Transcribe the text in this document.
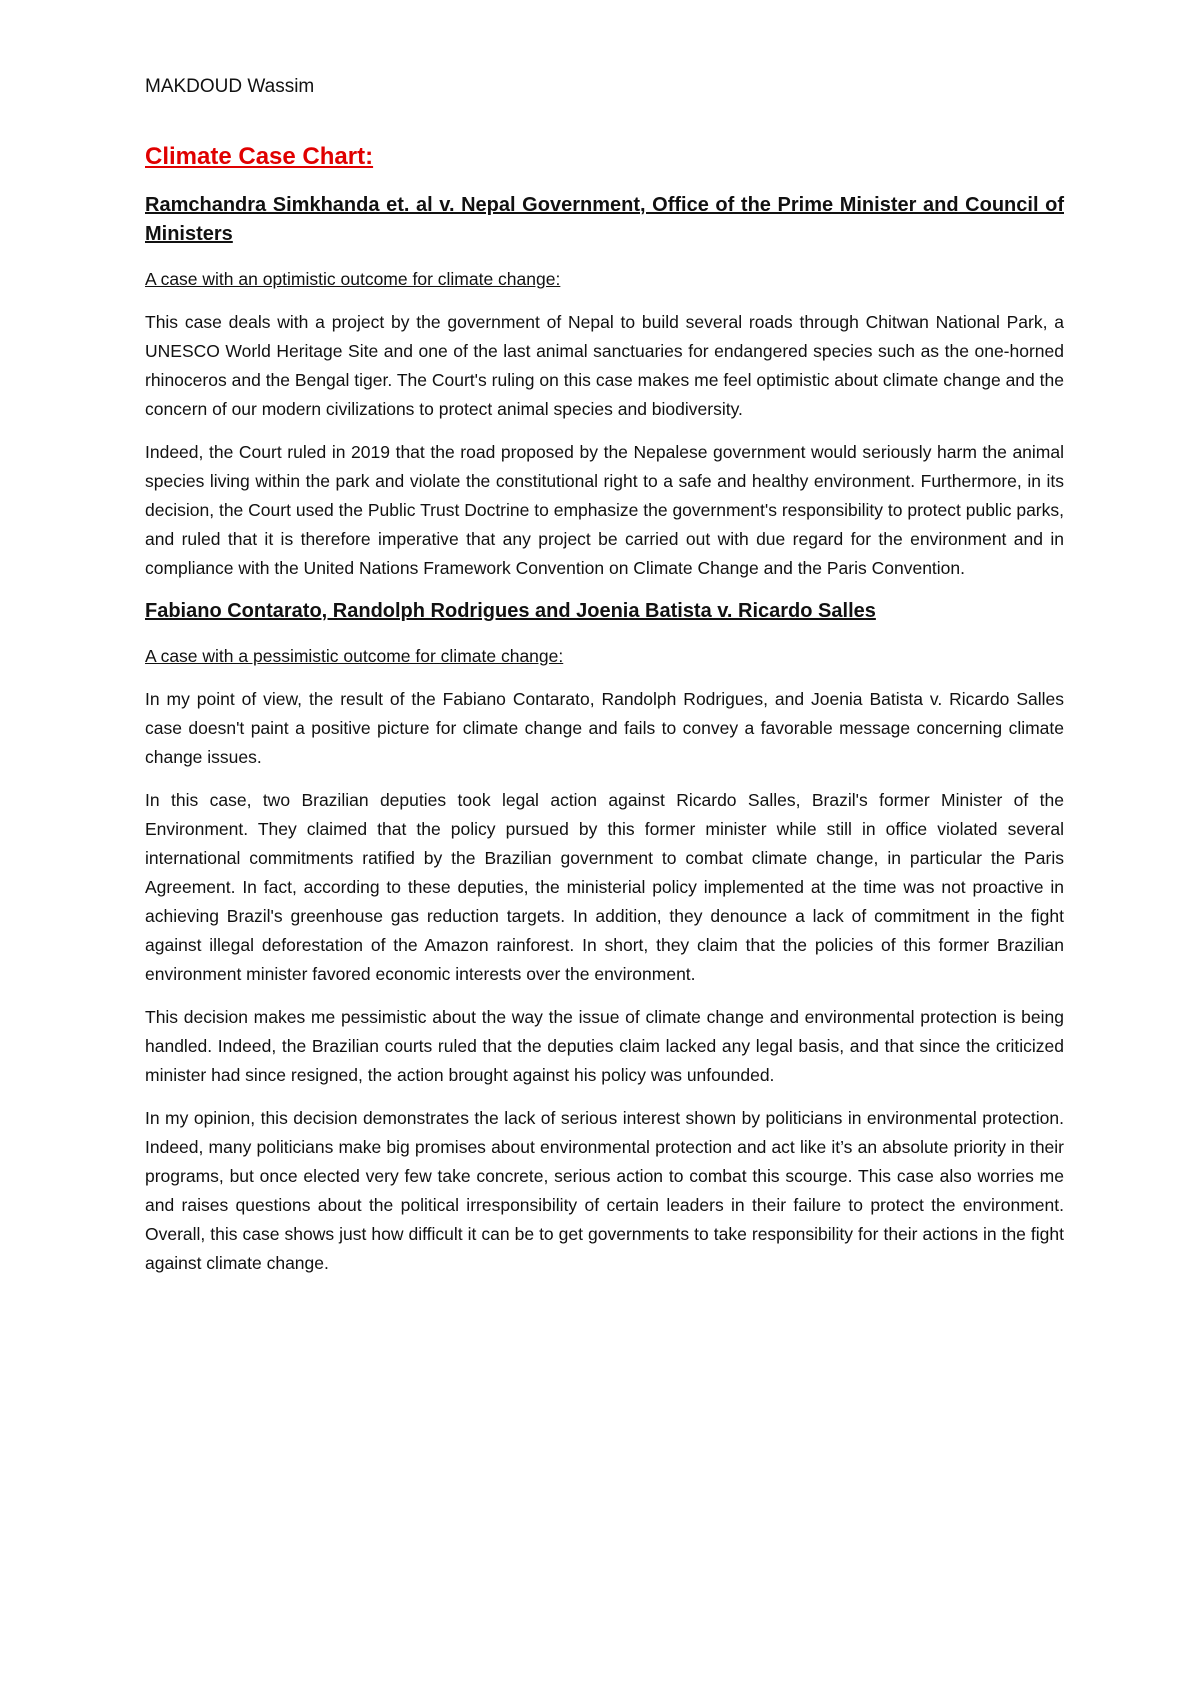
MAKDOUD Wassim
Climate Case Chart:
Ramchandra Simkhanda et. al v. Nepal Government, Office of the Prime Minister and Council of Ministers
A case with an optimistic outcome for climate change:

This case deals with a project by the government of Nepal to build several roads through Chitwan National Park, a UNESCO World Heritage Site and one of the last animal sanctuaries for endangered species such as the one-horned rhinoceros and the Bengal tiger. The Court's ruling on this case makes me feel optimistic about climate change and the concern of our modern civilizations to protect animal species and biodiversity.

Indeed, the Court ruled in 2019 that the road proposed by the Nepalese government would seriously harm the animal species living within the park and violate the constitutional right to a safe and healthy environment. Furthermore, in its decision, the Court used the Public Trust Doctrine to emphasize the government's responsibility to protect public parks, and ruled that it is therefore imperative that any project be carried out with due regard for the environment and in compliance with the United Nations Framework Convention on Climate Change and the Paris Convention.

Fabiano Contarato, Randolph Rodrigues and Joenia Batista v. Ricardo Salles
A case with a pessimistic outcome for climate change:

In my point of view, the result of the Fabiano Contarato, Randolph Rodrigues, and Joenia Batista v. Ricardo Salles case doesn't paint a positive picture for climate change and fails to convey a favorable message concerning climate change issues.

In this case, two Brazilian deputies took legal action against Ricardo Salles, Brazil's former Minister of the Environment. They claimed that the policy pursued by this former minister while still in office violated several international commitments ratified by the Brazilian government to combat climate change, in particular the Paris Agreement. In fact, according to these deputies, the ministerial policy implemented at the time was not proactive in achieving Brazil's greenhouse gas reduction targets. In addition, they denounce a lack of commitment in the fight against illegal deforestation of the Amazon rainforest. In short, they claim that the policies of this former Brazilian environment minister favored economic interests over the environment.

This decision makes me pessimistic about the way the issue of climate change and environmental protection is being handled. Indeed, the Brazilian courts ruled that the deputies claim lacked any legal basis, and that since the criticized minister had since resigned, the action brought against his policy was unfounded.

In my opinion, this decision demonstrates the lack of serious interest shown by politicians in environmental protection. Indeed, many politicians make big promises about environmental protection and act like it’s an absolute priority in their programs, but once elected very few take concrete, serious action to combat this scourge. This case also worries me and raises questions about the political irresponsibility of certain leaders in their failure to protect the environment. Overall, this case shows just how difficult it can be to get governments to take responsibility for their actions in the fight against climate change.
